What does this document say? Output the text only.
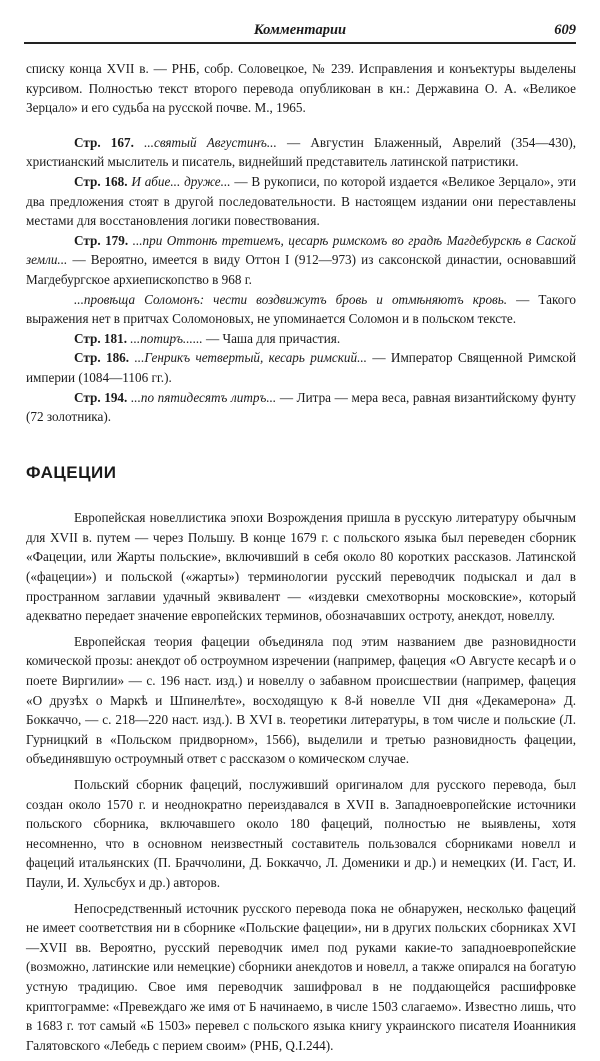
Комментарии	609

списку конца XVII в. — РНБ, собр. Соловецкое, № 239. Исправления и конъектуры выделены курсивом. Полностью текст второго перевода опубликован в кн.: Державина О. А. «Великое Зерцало» и его судьба на русской почве. М., 1965.

Стр. 167. ...святый Августинъ... — Августин Блаженный, Аврелий (354—430), христианский мыслитель и писатель, виднейший представитель латинской патристики.

Стр. 168. И абие... друже... — В рукописи, по которой издается «Великое Зерцало», эти два предложения стоят в другой последовательности. В настоящем издании они переставлены местами для восстановления логики повествования.

Стр. 179. ...при Оттонѣ третиемъ, цесарѣ римскомъ во градѣ Магдебурскѣ в Саской земли... — Вероятно, имеется в виду Оттон I (912—973) из саксонской династии, основавший Магдебургское архиепископство в 968 г.

...провѣща Соломонъ: чести воздвижутъ бровь и отмѣняютъ кровь. — Такого выражения нет в притчах Соломоновых, не упоминается Соломон и в польском тексте.

Стр. 181. ...потиръ...... — Чаша для причастия.

Стр. 186. ...Генрикъ четвертый, кесарь римский... — Император Священной Римской империи (1084—1106 гг.).

Стр. 194. ...по пятидесятъ литръ... — Литра — мера веса, равная византийскому фунту (72 золотника).

ФАЦЕЦИИ

Европейская новеллистика эпохи Возрождения пришла в русскую литературу обычным для XVII в. путем — через Польшу. В конце 1679 г. с польского языка был переведен сборник «Фацеции, или Жарты польские», включивший в себя около 80 коротких рассказов. Латинской («фацеции») и польской («жарты») терминологии русский переводчик подыскал и дал в пространном заглавии удачный эквивалент — «издевки смехотворны московские», который адекватно передает значение европейских терминов, обозначавших остроту, анекдот, новеллу.

Европейская теория фацеции объединяла под этим названием две разновидности комической прозы: анекдот об остроумном изречении (например, фацеция «О Августе кесарѣ и о поете Виргилии» — с. 196 наст. изд.) и новеллу о забавном происшествии (например, фацеция «О друзѣх о Маркѣ и Шпинелѣте», восходящую к 8-й новелле VII дня «Декамерона» Д. Боккаччо, — с. 218—220 наст. изд.). В XVI в. теоретики литературы, в том числе и польские (Л. Гурницкий в «Польском придворном», 1566), выделили и третью разновидность фацеции, объединявшую остроумный ответ с рассказом о комическом случае.

Польский сборник фацеций, послуживший оригиналом для русского перевода, был создан около 1570 г. и неоднократно переиздавался в XVII в. Западноевропейские источники польского сборника, включавшего около 180 фацеций, полностью не выявлены, хотя несомненно, что в основном неизвестный составитель пользовался сборниками новелл и фацеций итальянских (П. Браччолини, Д. Боккаччо, Л. Доменики и др.) и немецких (И. Гаст, И. Паули, И. Хульсбух и др.) авторов.

Непосредственный источник русского перевода пока не обнаружен, несколько фацеций не имеет соответствия ни в сборнике «Польские фацеции», ни в других польских сборниках XVI—XVII вв. Вероятно, русский переводчик имел под руками какие-то западноевропейские (возможно, латинские или немецкие) сборники анекдотов и новелл, а также опирался на богатую устную традицию. Свое имя переводчик зашифровал в не поддающейся расшифровке криптограмме: «Превеждаго же имя от Б начинаемо, в числе 1503 слагаемо». Известно лишь, что в 1683 г. тот самый «Б 1503» перевел с польского языка книгу украинского писателя Иоанникия Галятовского «Лебедь с перием своим» (РНБ, Q.I.244).
